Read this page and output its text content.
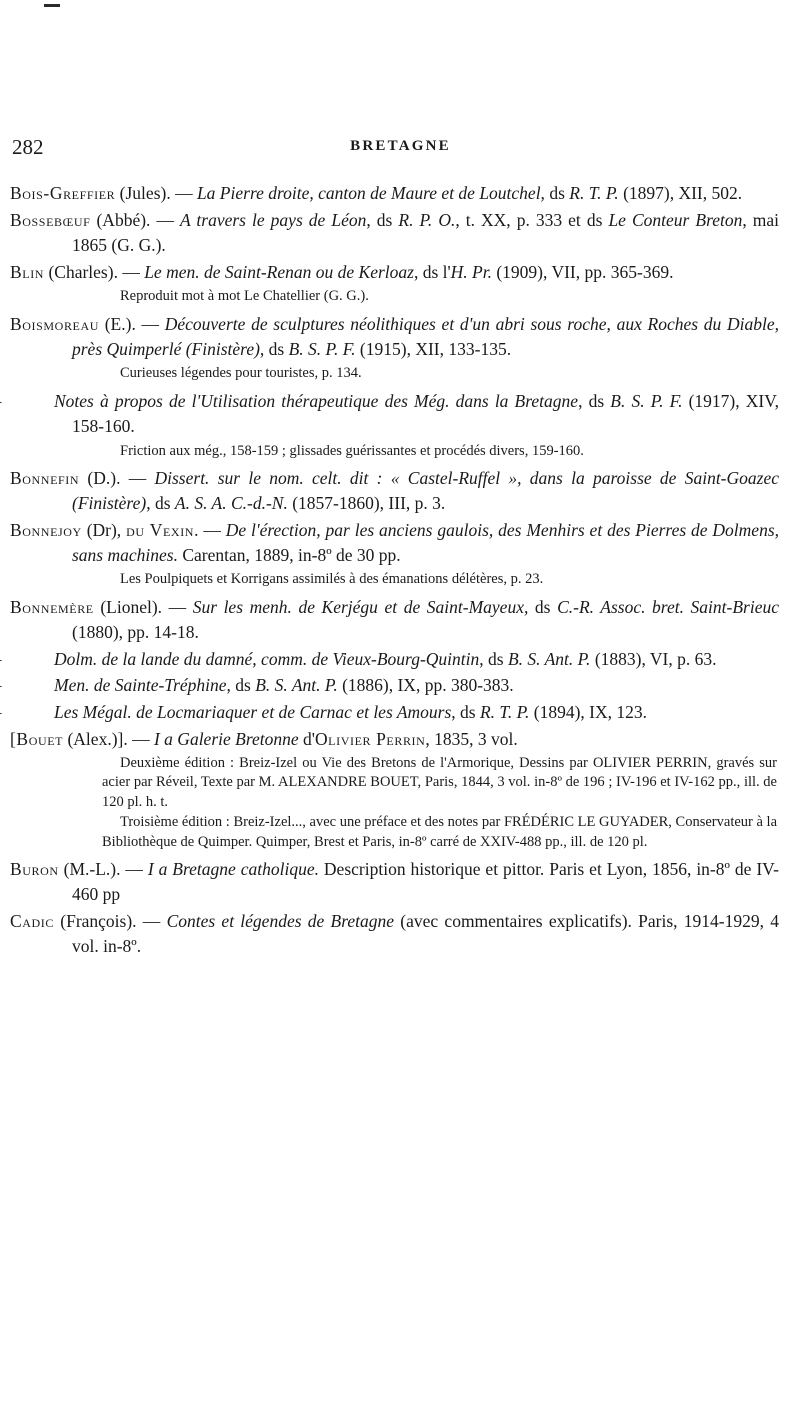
282	BRETAGNE
Bois-Greffier (Jules). — La Pierre droite, canton de Maure et de Loutchel, ds R. T. P. (1897), XII, 502.
Bossebœuf (Abbé). — A travers le pays de Léon, ds R. P. O., t. XX, p. 333 et ds Le Conteur Breton, mai 1865 (G. G.).
Blin (Charles). — Le men. de Saint-Renan ou de Kerloaz, ds l'H. Pr. (1909), VII, pp. 365-369.
Reproduit mot à mot Le Chatellier (G. G.).
Boismoreau (E.). — Découverte de sculptures néolithiques et d'un abri sous roche, aux Roches du Diable, près Quimperlé (Finistère), ds B. S. P. F. (1915), XII, 133-135.
Curieuses légendes pour touristes, p. 134.
Notes à propos de l'Utilisation thérapeutique des Még. dans la Bretagne, ds B. S. P. F. (1917), XIV, 158-160.
Friction aux még., 158-159 ; glissades guérissantes et procédés divers, 159-160.
Bonnefin (D.). — Dissert. sur le nom. celt. dit : « Castel-Ruffel », dans la paroisse de Saint-Goazec (Finistère), ds A. S. A. C.-d.-N. (1857-1860), III, p. 3.
Bonnejoy (Dr), du Vexin. — De l'érection, par les anciens gaulois, des Menhirs et des Pierres de Dolmens, sans machines. Carentan, 1889, in-8º de 30 pp.
Les Poulpiquets et Korrigans assimilés à des émanations délétères, p. 23.
Bonnemère (Lionel). — Sur les menh. de Kerjégu et de Saint-Mayeux, ds C.-R. Assoc. bret. Saint-Brieuc (1880), pp. 14-18.
Dolm. de la lande du damné, comm. de Vieux-Bourg-Quintin, ds B. S. Ant. P. (1883), VI, p. 63.
Men. de Sainte-Tréphine, ds B. S. Ant. P. (1886), IX, pp. 380-383.
Les Mégal. de Locmariaquer et de Carnac et les Amours, ds R. T. P. (1894), IX, 123.
[Bouet (Alex.)]. — I a Galerie Bretonne d'Olivier Perrin, 1835, 3 vol.
Deuxième édition : Breiz-Izel ou Vie des Bretons de l'Armorique, Dessins par OLIVIER PERRIN, gravés sur acier par Réveil, Texte par M. ALEXANDRE BOUET, Paris, 1844, 3 vol. in-8º de 196 ; IV-196 et IV-162 pp., ill. de 120 pl. h. t.
Troisième édition : Breiz-Izel..., avec une préface et des notes par FRÉDÉRIC LE GUYADER, Conservateur à la Bibliothèque de Quimper. Quimper, Brest et Paris, in-8º carré de XXIV-488 pp., ill. de 120 pl.
Buron (M.-L.). — I a Bretagne catholique. Description historique et pittor. Paris et Lyon, 1856, in-8º de IV-460 pp
Cadic (François). — Contes et légendes de Bretagne (avec commentaires explicatifs). Paris, 1914-1929, 4 vol. in-8º.
